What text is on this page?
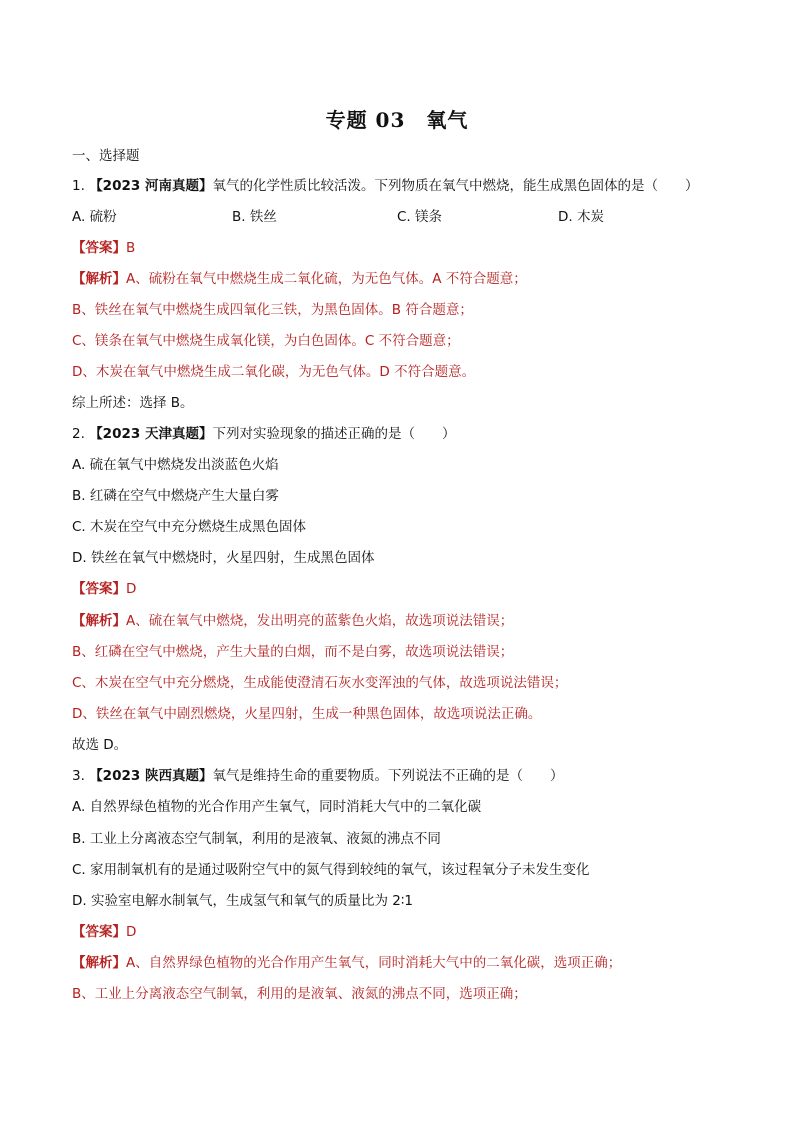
专题 03　氧气
一、选择题
1. 【2023 河南真题】氧气的化学性质比较活泼。下列物质在氧气中燃烧，能生成黑色固体的是（　　）
A. 硫粉	B. 铁丝	C. 镁条	D. 木炭
【答案】B
【解析】A、硫粉在氧气中燃烧生成二氧化硫，为无色气体。A 不符合题意；
B、铁丝在氧气中燃烧生成四氧化三铁，为黑色固体。B 符合题意；
C、镁条在氧气中燃烧生成氧化镁，为白色固体。C 不符合题意；
D、木炭在氧气中燃烧生成二氧化碳，为无色气体。D 不符合题意。
综上所述：选择 B。
2. 【2023 天津真题】下列对实验现象的描述正确的是（　　）
A. 硫在氧气中燃烧发出淡蓝色火焰
B. 红磷在空气中燃烧产生大量白雾
C. 木炭在空气中充分燃烧生成黑色固体
D. 铁丝在氧气中燃烧时，火星四射，生成黑色固体
【答案】D
【解析】A、硫在氧气中燃烧，发出明亮的蓝紫色火焰，故选项说法错误；
B、红磷在空气中燃烧，产生大量的白烟，而不是白雾，故选项说法错误；
C、木炭在空气中充分燃烧，生成能使澄清石灰水变浑浊的气体，故选项说法错误；
D、铁丝在氧气中剧烈燃烧，火星四射，生成一种黑色固体，故选项说法正确。
故选 D。
3. 【2023 陕西真题】氧气是维持生命的重要物质。下列说法不正确的是（　　）
A. 自然界绿色植物的光合作用产生氧气，同时消耗大气中的二氧化碳
B. 工业上分离液态空气制氧，利用的是液氧、液氮的沸点不同
C. 家用制氧机有的是通过吸附空气中的氮气得到较纯的氧气，该过程氧分子未发生变化
D. 实验室电解水制氧气，生成氢气和氧气的质量比为 2∶1
【答案】D
【解析】A、自然界绿色植物的光合作用产生氧气，同时消耗大气中的二氧化碳，选项正确；
B、工业上分离液态空气制氧，利用的是液氧、液氮的沸点不同，选项正确；
